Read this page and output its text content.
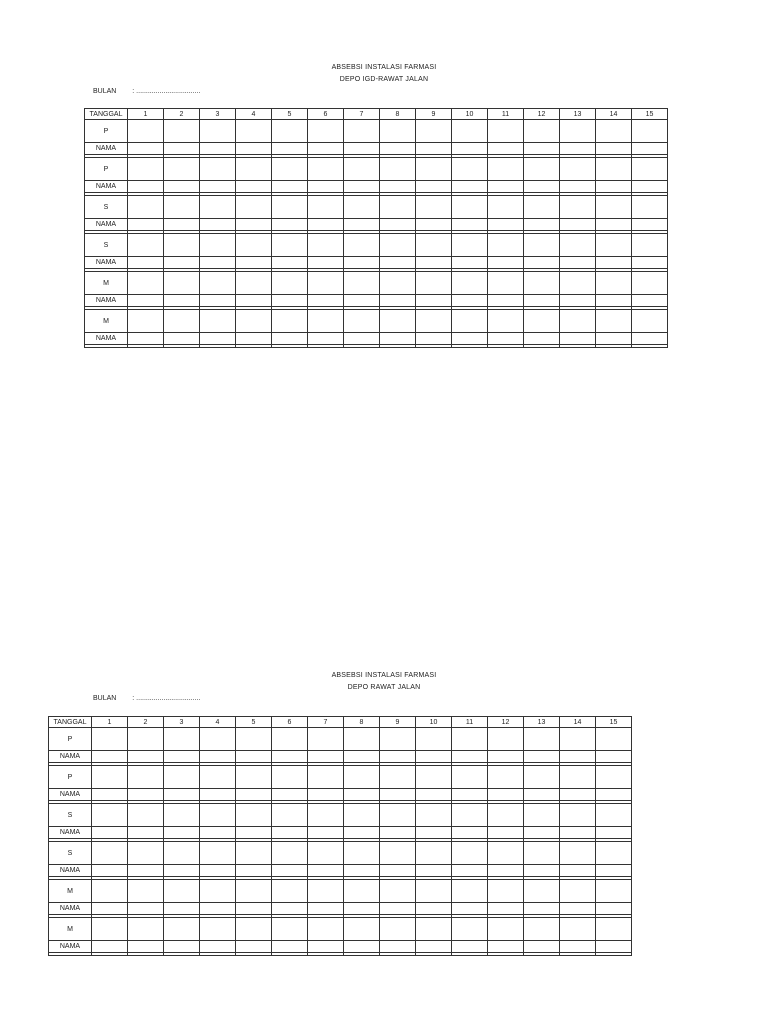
ABSEBSI INSTALASI FARMASI
DEPO IGD-RAWAT JALAN
BULAN : .................................
TANGGAL	1	2	3	4	5	6	7	8	9	10	11	12	13	14	15
P															
NAMA															

P															
NAMA															

S															
NAMA															

S															
NAMA															

M															
NAMA															

M															
NAMA															

ABSEBSI INSTALASI FARMASI
DEPO RAWAT JALAN
BULAN : .................................
TANGGAL	1	2	3	4	5	6	7	8	9	10	11	12	13	14	15
P															
NAMA															

P															
NAMA															

S															
NAMA															

S															
NAMA															

M															
NAMA															

M															
NAMA															
